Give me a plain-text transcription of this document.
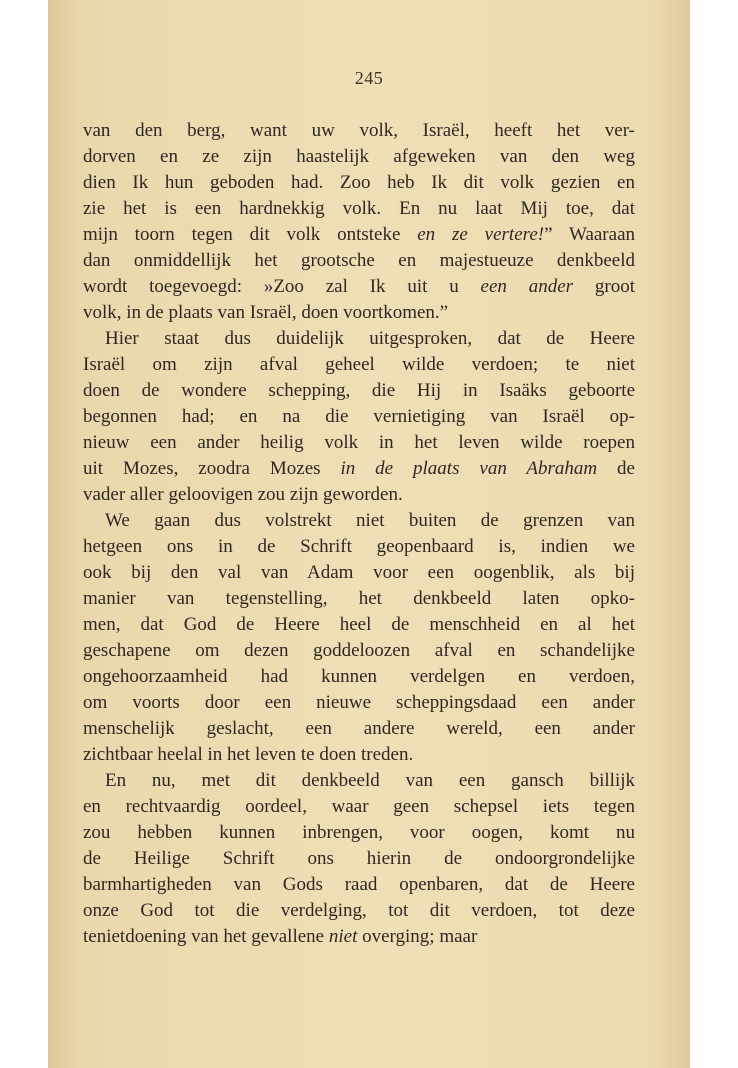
245
van den berg, want uw volk, Israël, heeft het ver-
dorven en ze zijn haastelijk afgeweken van den weg
dien Ik hun geboden had. Zoo heb Ik dit volk gezien en
zie het is een hardnekkig volk. En nu laat Mij toe, dat
mijn toorn tegen dit volk ontsteke en ze vertere!” Waaraan
dan onmiddellijk het grootsche en majestueuze denkbeeld
wordt toegevoegd: »Zoo zal Ik uit u een ander groot
volk, in de plaats van Israël, doen voortkomen.”
Hier staat dus duidelijk uitgesproken, dat de Heere
Israël om zijn afval geheel wilde verdoen; te niet
doen de wondere schepping, die Hij in Isaäks geboorte
begonnen had; en na die vernietiging van Israël op-
nieuw een ander heilig volk in het leven wilde roepen
uit Mozes, zoodra Mozes in de plaats van Abraham de
vader aller geloovigen zou zijn geworden.
We gaan dus volstrekt niet buiten de grenzen van
hetgeen ons in de Schrift geopenbaard is, indien we
ook bij den val van Adam voor een oogenblik, als bij
manier van tegenstelling, het denkbeeld laten opko-
men, dat God de Heere heel de menschheid en al het
geschapene om dezen goddeloozen afval en schandelijke
ongehoorzaamheid had kunnen verdelgen en verdoen,
om voorts door een nieuwe scheppingsdaad een ander
menschelijk geslacht, een andere wereld, een ander
zichtbaar heelal in het leven te doen treden.
En nu, met dit denkbeeld van een gansch billijk
en rechtvaardig oordeel, waar geen schepsel iets tegen
zou hebben kunnen inbrengen, voor oogen, komt nu
de Heilige Schrift ons hierin de ondoorgrondelijke
barmhartigheden van Gods raad openbaren, dat de Heere
onze God tot die verdelging, tot dit verdoen, tot deze
tenietdoening van het gevallene niet overging; maar
